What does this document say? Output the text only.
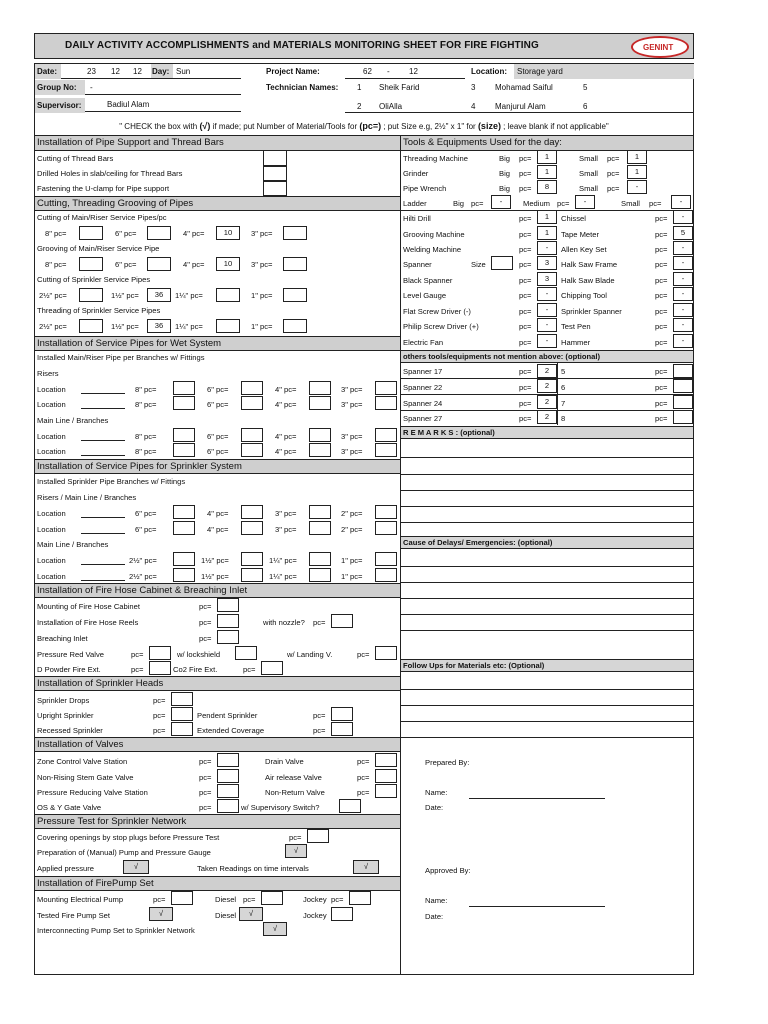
DAILY ACTIVITY ACCOMPLISHMENTS and MATERIALS MONITORING SHEET FOR FIRE FIGHTING	GENINT
Date:	23 12 12 Day: Sun	Project Name:	62 - 12	Location:	Storage yard
Group No:	-	Technician Names: 1 Sheik Farid	3 Mohamad Saiful	5
Supervisor:	Badiul Alam	2 OliAlla	4 Manjurul Alam	6
" CHECK the box with (√) if made; put Number of Material/Tools for (pc=) ; put Size e.g, 2½" x 1" for (size) ; leave blank if not applicable"
Installation of Pipe Support and Thread Bars
Cutting of Thread Bars
Drilled Holes in slab/ceiling for Thread Bars
Fastening the U-clamp for Pipe support
Cutting, Threading Grooving of Pipes
Cutting of Main/Riser Service Pipes/pc
8" pc=	6" pc=	4" pc=	10	3" pc=
Grooving of Main/Riser Service Pipe
8" pc=	6" pc=	4" pc=	10	3" pc=
Cutting of Sprinkler Service Pipes
2½" pc=	1½" pc=	36	1¼" pc=	1" pc=
Threading of Sprinkler Service Pipes
2½" pc=	1½" pc=	36	1¼" pc=	1" pc=
Installation of Service Pipes for Wet System
Installed Main/Riser Pipe per Branches w/ Fittings
Risers
Location	8" pc=	6" pc=	4" pc=	3" pc=
Location	8" pc=	6" pc=	4" pc=	3" pc=
Main Line / Branches
Location	8" pc=	6" pc=	4" pc=	3" pc=
Location	8" pc=	6" pc=	4" pc=	3" pc=
Installation of Service Pipes for Sprinkler System
Installed Sprinkler Pipe Branches w/ Fittings
Risers / Main Line / Branches
Location	6" pc=	4" pc=	3" pc=	2" pc=
Location	6" pc=	4" pc=	3" pc=	2" pc=
Main Line / Branches
Location	2½" pc=	1½" pc=	1¼" pc=	1" pc=
Location	2½" pc=	1½" pc=	1¼" pc=	1" pc=
Installation of Fire Hose Cabinet & Breaching Inlet
Mounting of Fire Hose Cabinet	pc=
Installation of Fire Hose Reels	pc=	with nozzle? pc=
Breaching Inlet	pc=
Pressure Red Valve	pc=	w/ lockshield	w/ Landing V.	pc=
D Powder Fire Ext.	pc=	Co2 Fire Ext.	pc=
Installation of Sprinkler Heads
Sprinkler Drops	pc=
Upright Sprinkler	pc=	Pendent Sprinkler	pc=
Recessed Sprinkler	pc=	Extended Coverage	pc=
Installation of Valves
Zone Control Valve Station	pc=	Drain Valve	pc=
Non-Rising Stem Gate Valve	pc=	Air release Valve	pc=
Pressure Reducing Valve Station	pc=	Non-Return Valve	pc=
OS & Y Gate Valve	pc=	w/ Supervisory Switch?
Pressure Test for Sprinkler Network
Covering openings by stop plugs before Pressure Test	pc=
Preparation of (Manual) Pump and Pressure Gauge	√
Applied pressure	√	Taken Readings on time intervals	√
Installation of FirePump Set
Mounting Electrical Pump	pc=	Diesel pc=	Jockey pc=
Tested Fire Pump Set	√	Diesel	√	Jockey
Interconnecting Pump Set to Sprinkler Network	√
Tools & Equipments Used for the day:
Threading Machine	Big pc=	1	Small pc=	1
Grinder	Big pc=	1	Small pc=	1
Pipe Wrench	Big pc=	8	Small pc=	-
Ladder	Big pc=	-	Medium pc=	-	Small pc=	-
Hilti Drill	pc=	1	Chissel	pc=	-
Grooving Machine	pc=	1	Tape Meter	pc=	5
Welding Machine	pc=	-	Allen Key Set	pc=	-
Spanner	Size	pc=	3	Halk Saw Frame	pc=	-
Black Spanner	pc=	3	Halk Saw Blade	pc=	-
Level Gauge	pc=	-	Chipping Tool	pc=	-
Flat Screw Driver (-)	pc=	-	Sprinkler Spanner	pc=	-
Philip Screw Driver (+)	pc=	-	Test Pen	pc=	-
Electric Fan	pc=	-	Hammer	pc=	-
others tools/equipments not mention above: (optional)
Spanner 17	pc=	2	5	pc=
Spanner 22	pc=	2	6	pc=
Spanner 24	pc=	2	7	pc=
Spanner 27	pc=	2	8	pc=
R E M A R K S : (optional)
Cause of Delays/ Emergencies: (optional)
Follow Ups for Materials etc: (Optional)
Prepared By:
Name:
Date:
Approved By:
Name:
Date:
